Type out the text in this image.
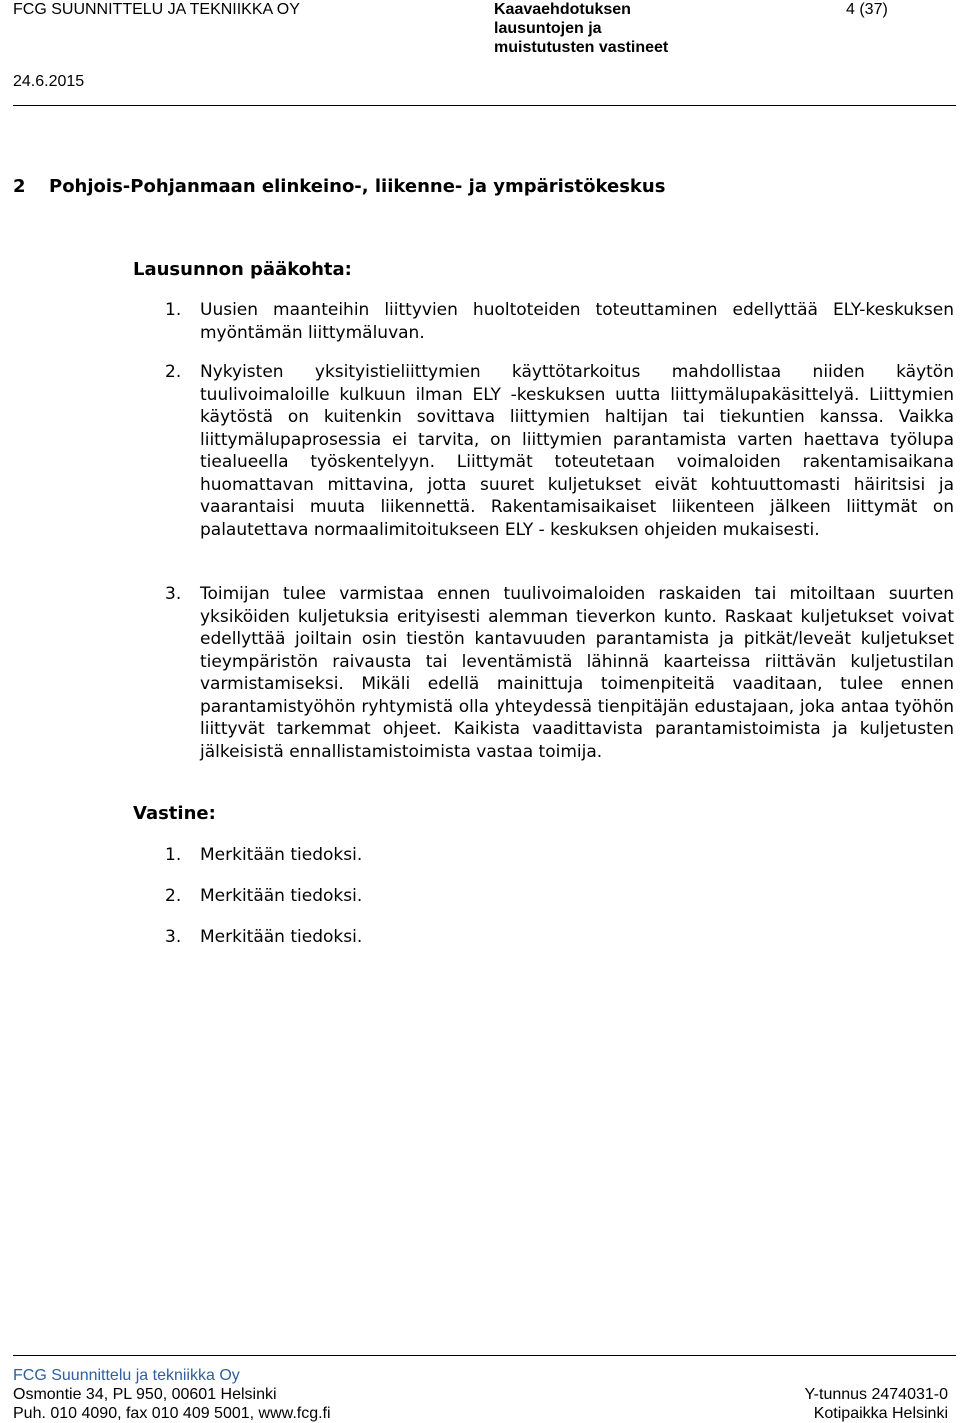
FCG SUUNNITTELU JA TEKNIIKKA OY	Kaavaehdotuksen
lausuntojen ja
muistutusten vastineet
4 (37)
24.6.2015
2 Pohjois-Pohjanmaan elinkeino-, liikenne- ja ympäristökeskus
Lausunnon pääkohta:
1. Uusien maanteihin liittyvien huoltoteiden toteuttaminen edellyttää ELY-keskuksen myöntämän liittymäluvan.
2. Nykyisten yksityistieliittymien käyttötarkoitus mahdollistaa niiden käytön tuulivoimaloille kulkuun ilman ELY -keskuksen uutta liittymälupakäsittelyä. Liittymien käytöstä on kuitenkin sovittava liittymien haltijan tai tiekuntien kanssa. Vaikka liittymälupaprosessia ei tarvita, on liittymien parantamista varten haettava työlupa tiealueella työskentelyyn. Liittymät toteutetaan voimaloiden rakentamisaikana huomattavan mittavina, jotta suuret kuljetukset eivät kohtuuttomasti häiritsisi ja vaarantaisi muuta liikennettä. Rakentamisaikaiset liikenteen jälkeen liittymät on palautettava normaalimitoitukseen ELY - keskuksen ohjeiden mukaisesti.
3. Toimijan tulee varmistaa ennen tuulivoimaloiden raskaiden tai mitoiltaan suurten yksiköiden kuljetuksia erityisesti alemman tieverkon kunto. Raskaat kuljetukset voivat edellyttää joiltain osin tiestön kantavuuden parantamista ja pitkät/leveät kuljetukset tieympäristön raivausta tai leventämistä lähinnä kaarteissa riittävän kuljetustilan varmistamiseksi. Mikäli edellä mainittuja toimenpiteitä vaaditaan, tulee ennen parantamistyöhön ryhtymistä olla yhteydessä tienpitäjän edustajaan, joka antaa työhön liittyvät tarkemmat ohjeet. Kaikista vaadittavista parantamistoimista ja kuljetusten jälkeisistä ennallistamistoimista vastaa toimija.
Vastine:
1. Merkitään tiedoksi.
2. Merkitään tiedoksi.
3. Merkitään tiedoksi.
FCG Suunnittelu ja tekniikka Oy
Osmontie 34, PL 950, 00601 Helsinki
Puh. 010 4090, fax 010 409 5001, www.fcg.fi
Y-tunnus 2474031-0
Kotipaikka Helsinki
